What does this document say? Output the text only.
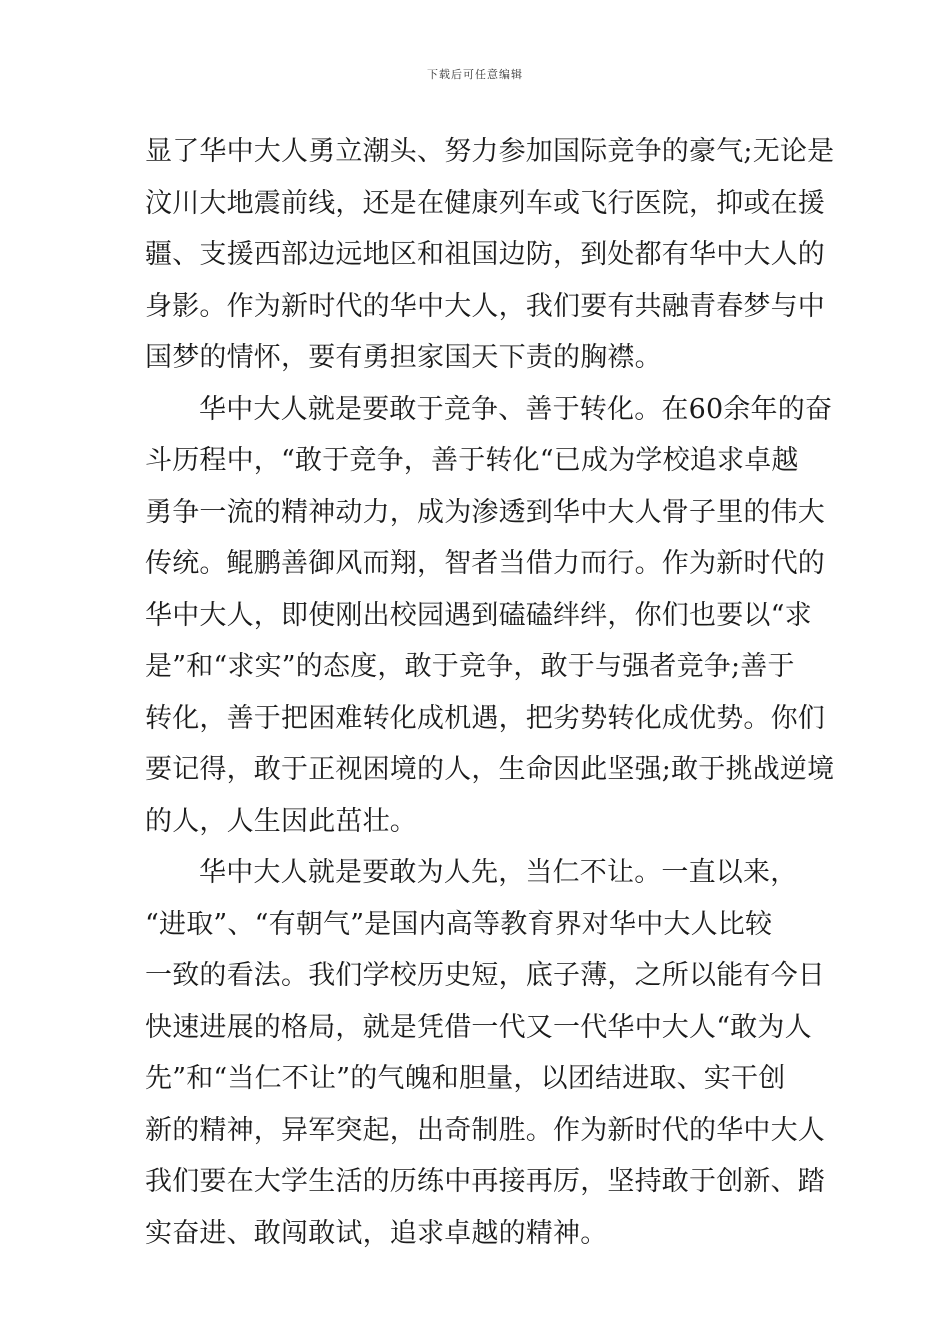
下载后可任意编辑
显了华中大人勇立潮头、努力参加国际竞争的豪气;无论是
汶川大地震前线，还是在健康列车或飞行医院，抑或在援
疆、支援西部边远地区和祖国边防，到处都有华中大人的
身影。作为新时代的华中大人，我们要有共融青春梦与中
国梦的情怀，要有勇担家国天下责的胸襟。
华中大人就是要敢于竞争、善于转化。在60余年的奋
斗历程中，“敢于竞争，善于转化“已成为学校追求卓越
勇争一流的精神动力，成为渗透到华中大人骨子里的伟大
传统。鲲鹏善御风而翔，智者当借力而行。作为新时代的
华中大人，即使刚出校园遇到磕磕绊绊，你们也要以“求
是”和“求实”的态度，敢于竞争，敢于与强者竞争;善于
转化，善于把困难转化成机遇，把劣势转化成优势。你们
要记得，敢于正视困境的人，生命因此坚强;敢于挑战逆境
的人，人生因此茁壮。
华中大人就是要敢为人先，当仁不让。一直以来，
“进取”、“有朝气”是国内高等教育界对华中大人比较
一致的看法。我们学校历史短，底子薄，之所以能有今日
快速进展的格局，就是凭借一代又一代华中大人“敢为人
先”和“当仁不让”的气魄和胆量，以团结进取、实干创
新的精神，异军突起，出奇制胜。作为新时代的华中大人
我们要在大学生活的历练中再接再厉，坚持敢于创新、踏
实奋进、敢闯敢试，追求卓越的精神。
